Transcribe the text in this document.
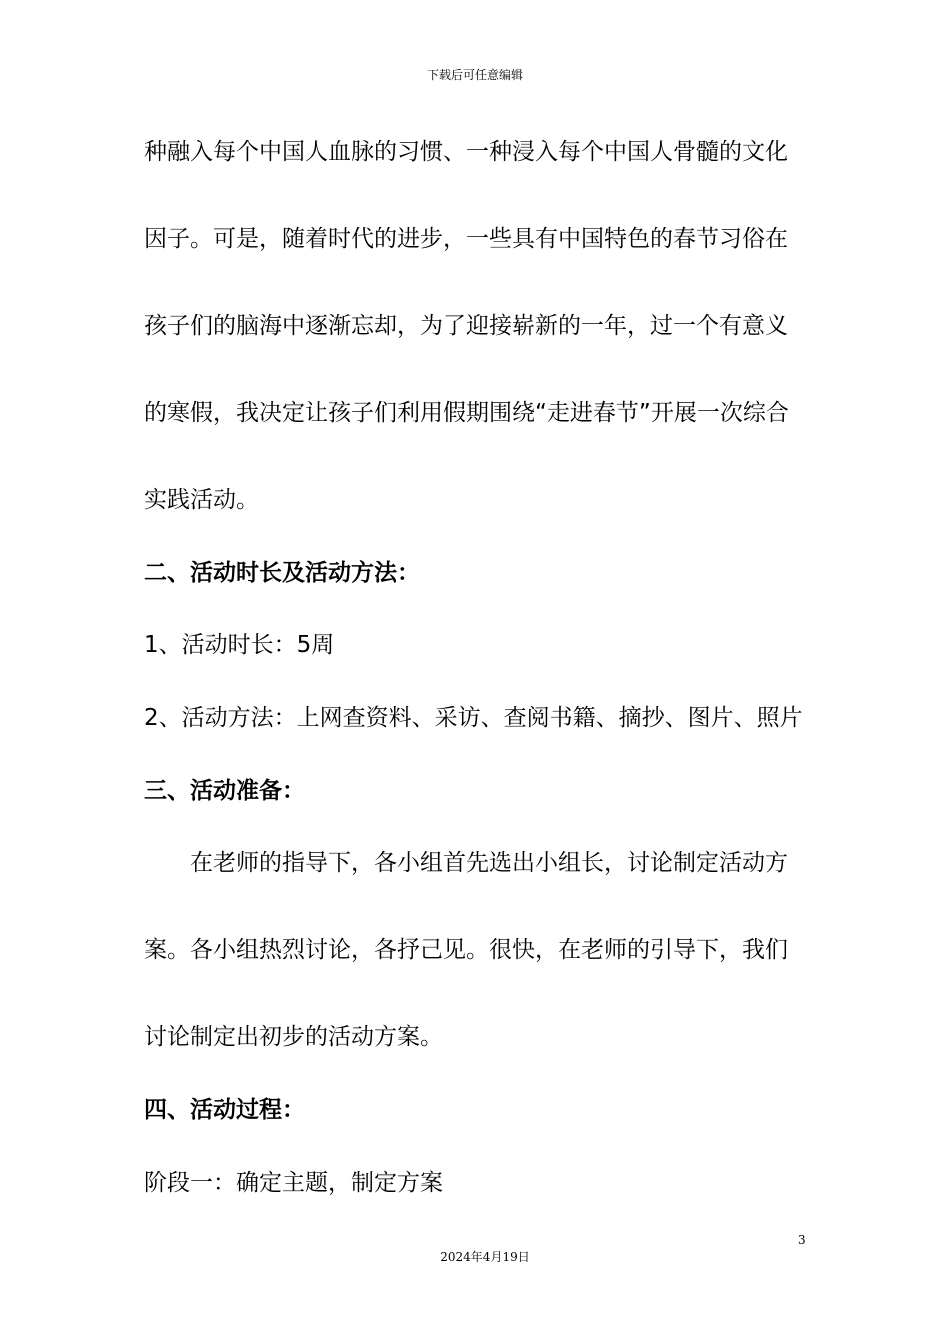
下载后可任意编辑
种融入每个中国人血脉的习惯、一种浸入每个中国人骨髓的文化
因子。可是，随着时代的进步，一些具有中国特色的春节习俗在
孩子们的脑海中逐渐忘却，为了迎接崭新的一年，过一个有意义
的寒假，我决定让孩子们利用假期围绕“走进春节”开展一次综合
实践活动。
二、活动时长及活动方法：
1、活动时长：5周
2、活动方法：上网查资料、采访、查阅书籍、摘抄、图片、照片
三、活动准备：
在老师的指导下，各小组首先选出小组长，讨论制定活动方
案。各小组热烈讨论，各抒己见。很快，在老师的引导下，我们
讨论制定出初步的活动方案。
四、活动过程：
阶段一：确定主题，制定方案
3
2024年4月19日
